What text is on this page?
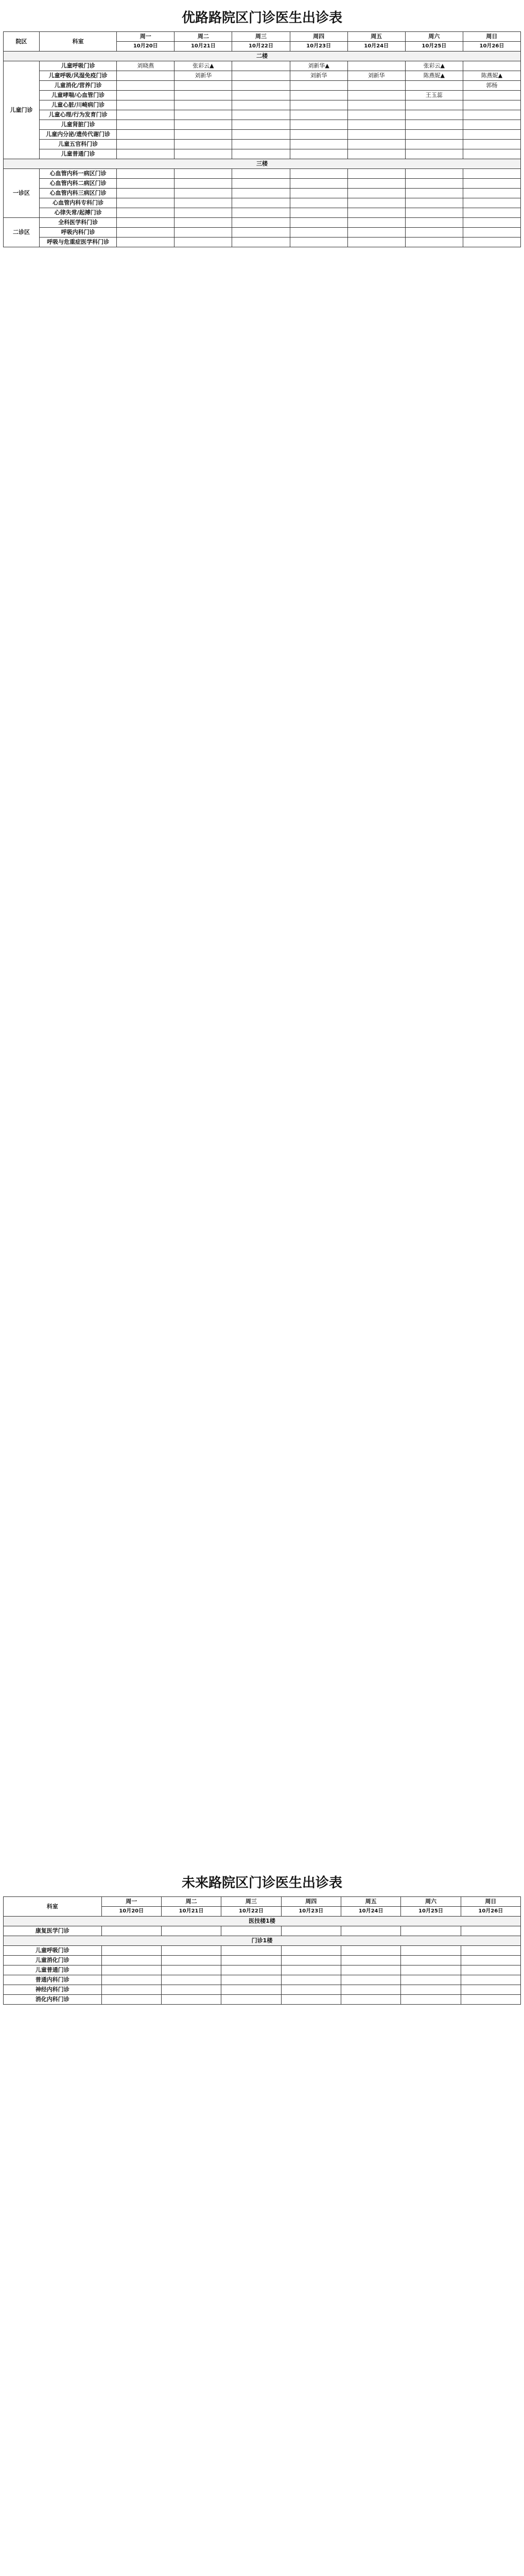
优路路院区门诊医生出诊表
院区	科室	周一	周二	周三	周四	周五	周六	周日
		10月20日	10月21日	10月22日	10月23日	10月24日	10月25日	10月26日
二楼								
儿童门诊	儿童呼吸门诊	刘晓燕	张彩云▲		刘新华▲		张彩云▲	
	儿童呼吸/风湿免疫门诊		刘新华		刘新华	刘新华	陈燕妮▲	陈燕妮▲
	儿童消化/营养门诊							郭杨
	儿童哮喘/心血管门诊						王玉蕊	
	儿童心脏/川崎病门诊							
	儿童心理/行为发育门诊							
	儿童肾脏门诊							
	儿童内分泌/遗传代谢门诊							
	儿童五官科门诊							
	儿童普通门诊							
三楼								
一诊区	心血管内科一病区门诊							
	心血管内科二病区门诊							
	心血管内科三病区门诊							
	心血管内科专科门诊							
	心律失常/起搏门诊							
二诊区	全科医学科门诊							
	呼吸内科门诊							
	呼吸与危重症医学科门诊							
未来路院区门诊医生出诊表
科室	周一	周二	周三	周四	周五	周六	周日
	10月20日	10月21日	10月22日	10月23日	10月24日	10月25日	10月26日
医技楼1楼							
康复医学门诊							
门诊1楼							
儿童呼吸门诊							
儿童消化门诊							
儿童普通门诊							
普通内科门诊							
神经内科门诊							
消化内科门诊							
